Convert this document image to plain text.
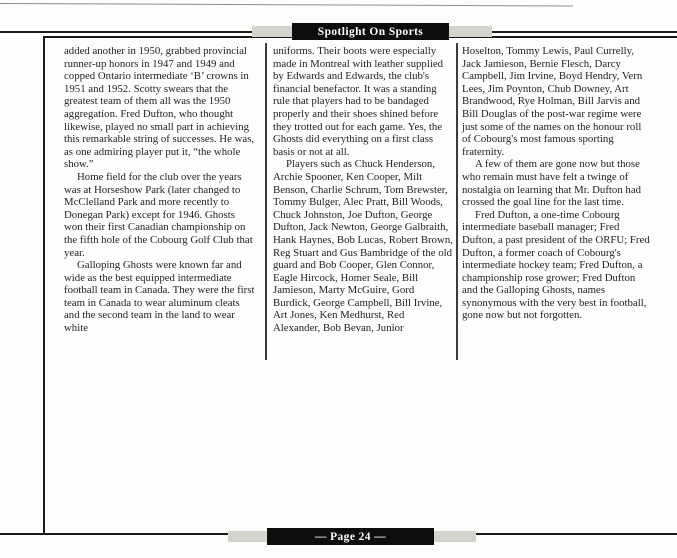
Spotlight On Sports

added another in 1950, grabbed provincial runner-up honors in 1947 and 1949 and copped Ontario intermediate ‘B’ crowns in 1951 and 1952. Scotty swears that the greatest team of them all was the 1950 aggregation. Fred Dufton, who thought likewise, played no small part in achieving this remarkable string of successes. He was, as one admiring player put it, “the whole show.”

Home field for the club over the years was at Horseshow Park (later changed to McClelland Park and more recently to Donegan Park) except for 1946. Ghosts won their first Canadian championship on the fifth hole of the Cobourg Golf Club that year.

Galloping Ghosts were known far and wide as the best equipped intermediate football team in Canada. They were the first team in Canada to wear aluminum cleats and the second team in the land to wear white

uniforms. Their boots were especially made in Montreal with leather supplied by Edwards and Edwards, the club's financial benefactor. It was a standing rule that players had to be bandaged properly and their shoes shined before they trotted out for each game. Yes, the Ghosts did everything on a first class basis or not at all.

Players such as Chuck Henderson, Archie Spooner, Ken Cooper, Milt Benson, Charlie Schrum, Tom Brewster, Tommy Bulger, Alec Pratt, Bill Woods, Chuck Johnston, Joe Dufton, George Dufton, Jack Newton, George Galbraith, Hank Haynes, Bob Lucas, Robert Brown, Reg Stuart and Gus Bambridge of the old guard and Bob Cooper, Glen Connor, Eagle Hircock, Homer Seale, Bill Jamieson, Marty McGuire, Gord Burdick, George Campbell, Bill Irvine, Art Jones, Ken Medhurst, Red Alexander, Bob Bevan, Junior

Hoselton, Tommy Lewis, Paul Currelly, Jack Jamieson, Bernie Flesch, Darcy Campbell, Jim Irvine, Boyd Hendry, Vern Lees, Jim Poynton, Chub Downey, Art Brandwood, Rye Holman, Bill Jarvis and Bill Douglas of the post-war regime were just some of the names on the honour roll of Cobourg's most famous sporting fraternity.

A few of them are gone now but those who remain must have felt a twinge of nostalgia on learning that Mr. Dufton had crossed the goal line for the last time.

Fred Dufton, a one-time Cobourg intermediate baseball manager; Fred Dufton, a past president of the ORFU; Fred Dufton, a former coach of Cobourg's intermediate hockey team; Fred Dufton, a championship rose grower; Fred Dufton and the Galloping Ghosts, names synonymous with the very best in football, gone now but not forgotten.

— Page 24 —
